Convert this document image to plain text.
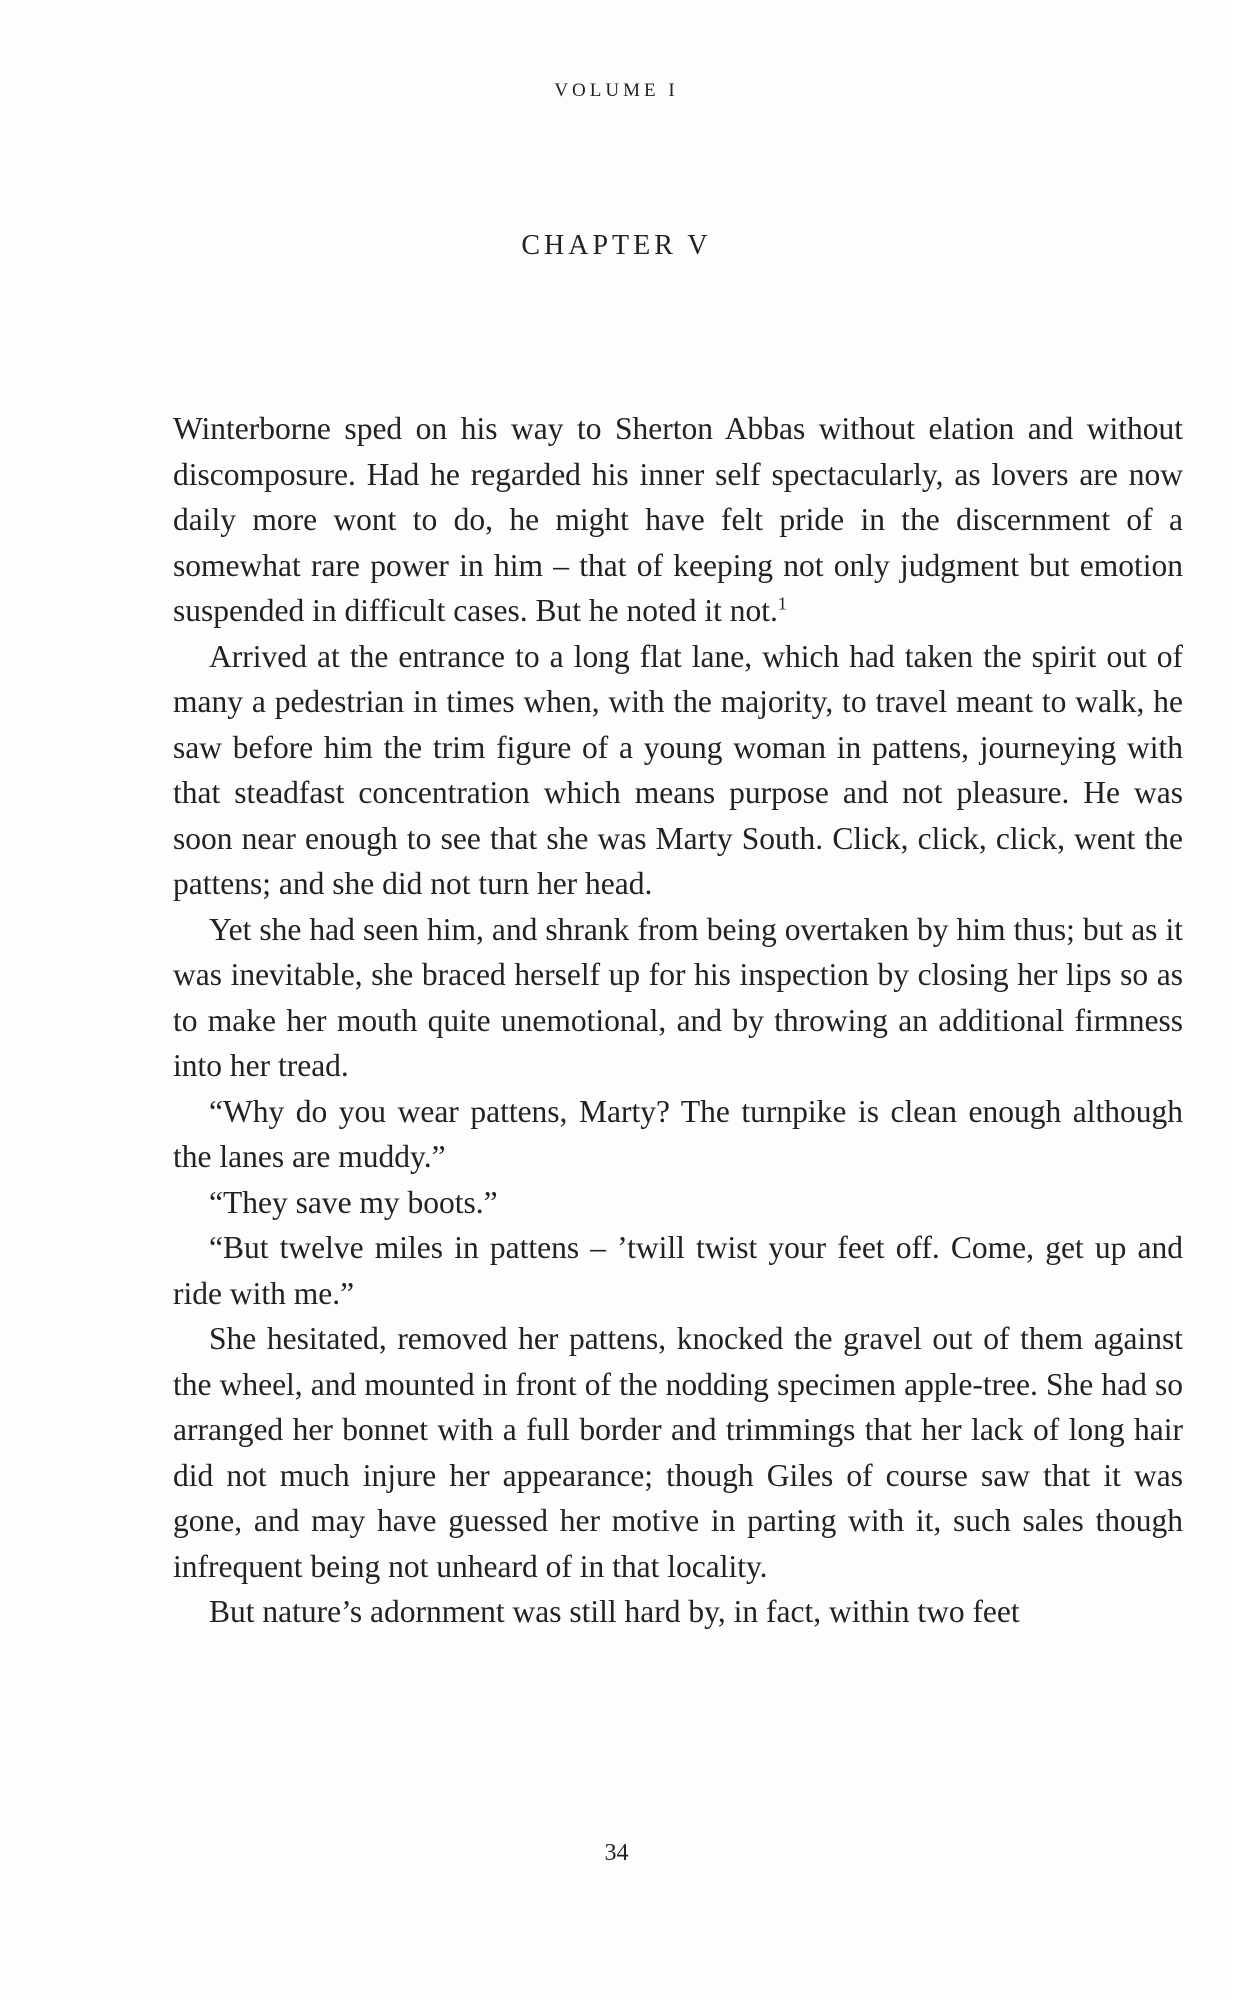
VOLUME I
CHAPTER V

Winterborne sped on his way to Sherton Abbas without elation and without discomposure. Had he regarded his inner self spectacularly, as lovers are now daily more wont to do, he might have felt pride in the discernment of a somewhat rare power in him – that of keeping not only judgment but emotion suspended in difficult cases. But he noted it not.$^1$

Arrived at the entrance to a long flat lane, which had taken the spirit out of many a pedestrian in times when, with the majority, to travel meant to walk, he saw before him the trim figure of a young woman in pattens, journeying with that steadfast concentration which means purpose and not pleasure. He was soon near enough to see that she was Marty South. Click, click, click, went the pattens; and she did not turn her head.

Yet she had seen him, and shrank from being overtaken by him thus; but as it was inevitable, she braced herself up for his inspection by closing her lips so as to make her mouth quite unemotional, and by throwing an additional firmness into her tread.

“Why do you wear pattens, Marty? The turnpike is clean enough although the lanes are muddy.”

“They save my boots.”

“But twelve miles in pattens – ’twill twist your feet off. Come, get up and ride with me.”

She hesitated, removed her pattens, knocked the gravel out of them against the wheel, and mounted in front of the nodding specimen apple-tree. She had so arranged her bonnet with a full border and trimmings that her lack of long hair did not much injure her appearance; though Giles of course saw that it was gone, and may have guessed her motive in parting with it, such sales though infrequent being not unheard of in that locality.

But nature’s adornment was still hard by, in fact, within two feet

34
